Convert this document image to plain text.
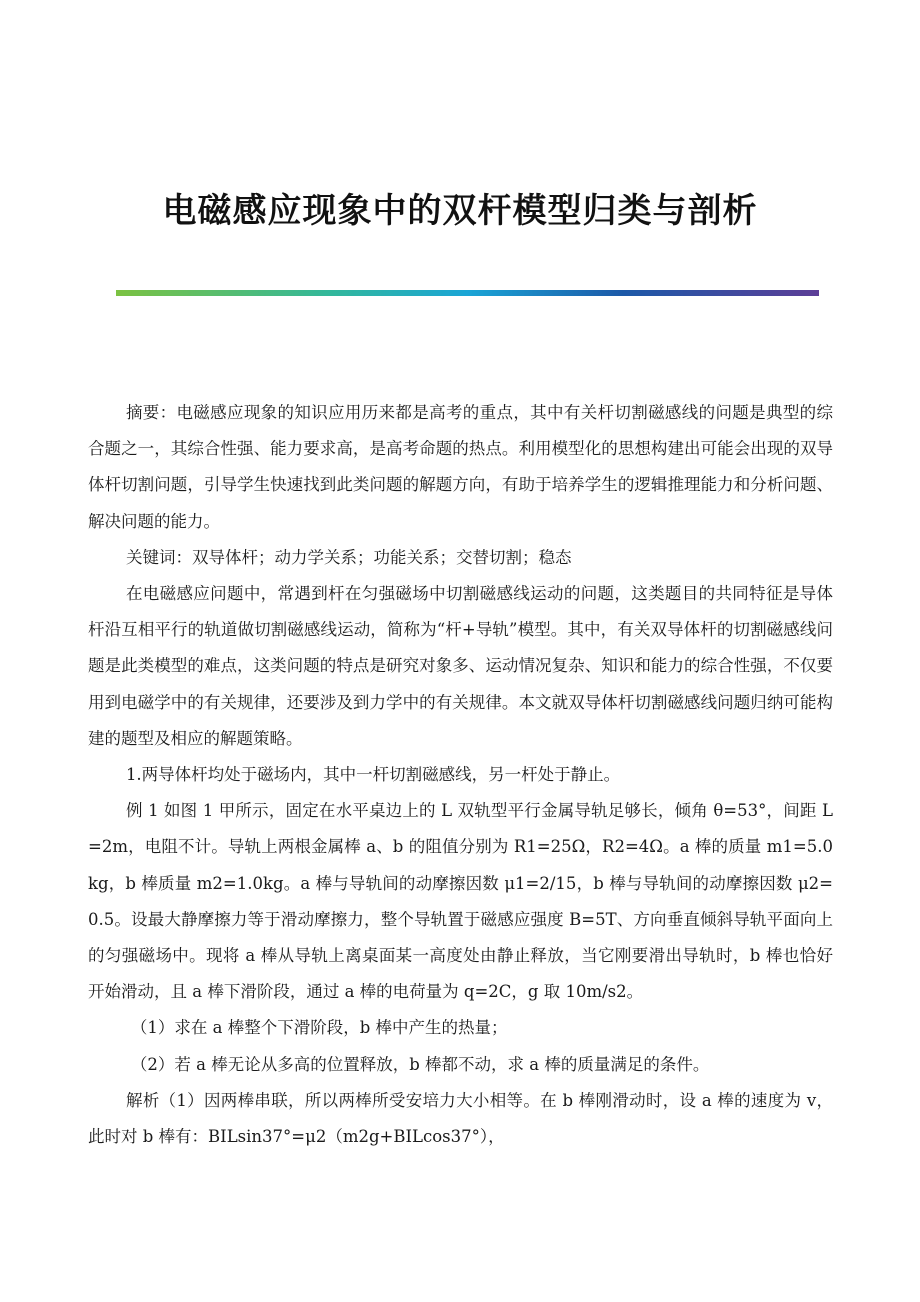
电磁感应现象中的双杆模型归类与剖析

摘要：电磁感应现象的知识应用历来都是高考的重点，其中有关杆切割磁感线的问题是典型的综合题之一，其综合性强、能力要求高，是高考命题的热点。利用模型化的思想构建出可能会出现的双导体杆切割问题，引导学生快速找到此类问题的解题方向，有助于培养学生的逻辑推理能力和分析问题、解决问题的能力。

关键词：双导体杆；动力学关系；功能关系；交替切割；稳态

在电磁感应问题中，常遇到杆在匀强磁场中切割磁感线运动的问题，这类题目的共同特征是导体杆沿互相平行的轨道做切割磁感线运动，简称为“杆+导轨”模型。其中，有关双导体杆的切割磁感线问题是此类模型的难点，这类问题的特点是研究对象多、运动情况复杂、知识和能力的综合性强，不仅要用到电磁学中的有关规律，还要涉及到力学中的有关规律。本文就双导体杆切割磁感线问题归纳可能构建的题型及相应的解题策略。

1.两导体杆均处于磁场内，其中一杆切割磁感线，另一杆处于静止。

例 1 如图 1 甲所示，固定在水平桌边上的 L 双轨型平行金属导轨足够长，倾角 θ=53°，间距 L=2m，电阻不计。导轨上两根金属棒 a、b 的阻值分别为 R1=25Ω，R2=4Ω。a 棒的质量 m1=5.0kg，b 棒质量 m2=1.0kg。a 棒与导轨间的动摩擦因数 μ1=2/15，b 棒与导轨间的动摩擦因数 μ2=0.5。设最大静摩擦力等于滑动摩擦力，整个导轨置于磁感应强度 B=5T、方向垂直倾斜导轨平面向上的匀强磁场中。现将 a 棒从导轨上离桌面某一高度处由静止释放，当它刚要滑出导轨时，b 棒也恰好开始滑动，且 a 棒下滑阶段，通过 a 棒的电荷量为 q=2C，g 取 10m/s2。

（1）求在 a 棒整个下滑阶段，b 棒中产生的热量；

（2）若 a 棒无论从多高的位置释放，b 棒都不动，求 a 棒的质量满足的条件。

解析（1）因两棒串联，所以两棒所受安培力大小相等。在 b 棒刚滑动时，设 a 棒的速度为 v，此时对 b 棒有：BILsin37°=μ2（m2g+BILcos37°），
